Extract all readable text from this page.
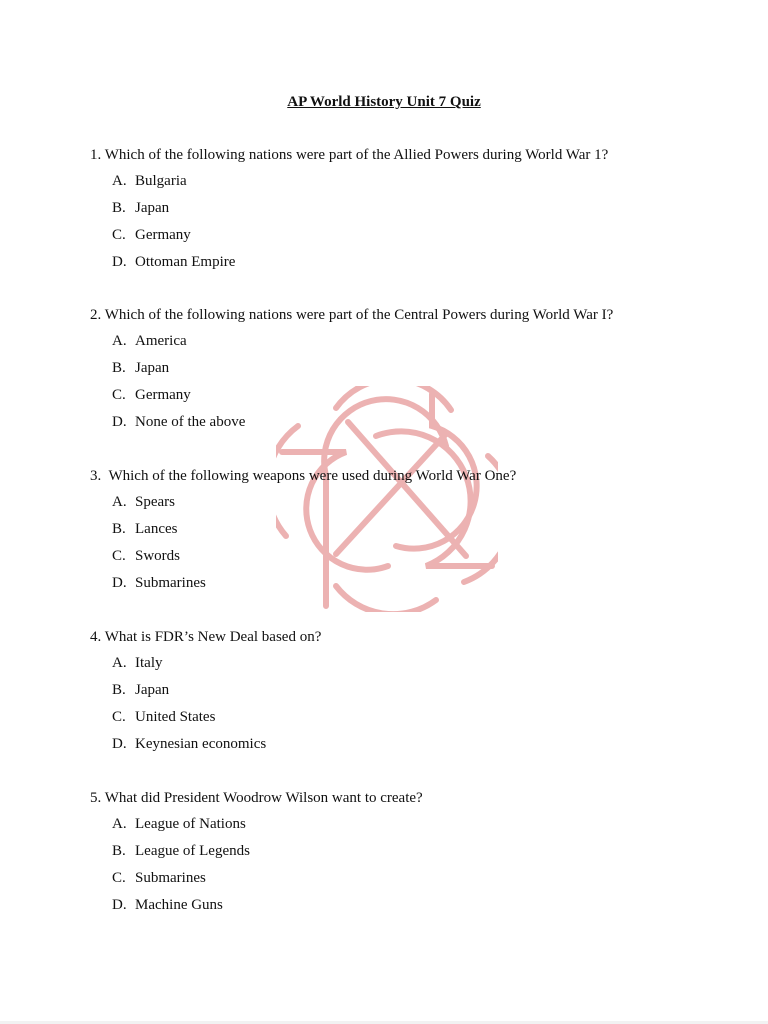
AP World History Unit 7 Quiz

1. Which of the following nations were part of the Allied Powers during World War 1?

A. Bulgaria
B. Japan
C. Germany
D. Ottoman Empire

2. Which of the following nations were part of the Central Powers during World War I?

A. America
B. Japan
C. Germany
D. None of the above

3.  Which of the following weapons were used during World War One?

A. Spears
B. Lances
C. Swords
D. Submarines

4. What is FDR’s New Deal based on?

A. Italy
B. Japan
C. United States
D. Keynesian economics

5. What did President Woodrow Wilson want to create?

A. League of Nations
B. League of Legends
C. Submarines
D. Machine Guns
